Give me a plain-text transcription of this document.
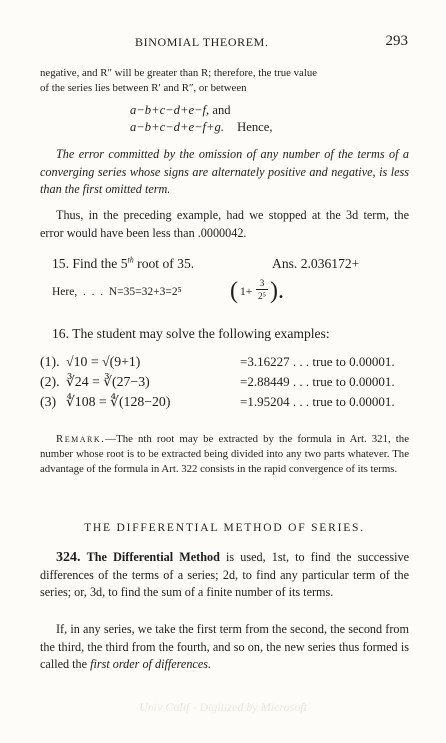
BINOMIAL THEOREM.	293
negative, and R″ will be greater than R; therefore, the true value
of the series lies between R′ and R″, or between
a−b+c−d+e−f, and
a−b+c−d+e−f+g. Hence,
The error committed by the omission of any number of the terms of a converging series whose signs are alternately positive and negative, is less than the first omitted term.
Thus, in the preceding example, had we stopped at the 3d term, the error would have been less than .0000042.
15. Find the 5th root of 35.	Ans. 2.036172+
Here,  .  .  .  N=35=32+3=2⁵ ( 1+
3
2⁵ ).
16. The student may solve the following examples:
(1). √10 = √(9+1)	=3.16227 . . . true to 0.00001.
(2). ∛24 = ∛(27−3)	=2.88449 . . . true to 0.00001.
(3) ∜108 = ∜(128−20)	=1.95204 . . . true to 0.00001.
Remark.—The nth root may be extracted by the formula in Art. 321, the number whose root is to be extracted being divided into any two parts whatever. The advantage of the formula in Art. 322 consists in the rapid convergence of its terms.
THE DIFFERENTIAL METHOD OF SERIES.
324. The Differential Method is used, 1st, to find the successive differences of the terms of a series; 2d, to find any particular term of the series; or, 3d, to find the sum of a finite number of its terms.
If, in any series, we take the first term from the second, the second from the third, the third from the fourth, and so on, the new series thus formed is called the first order of differences.
Univ Calif - Digitized by Microsoft
